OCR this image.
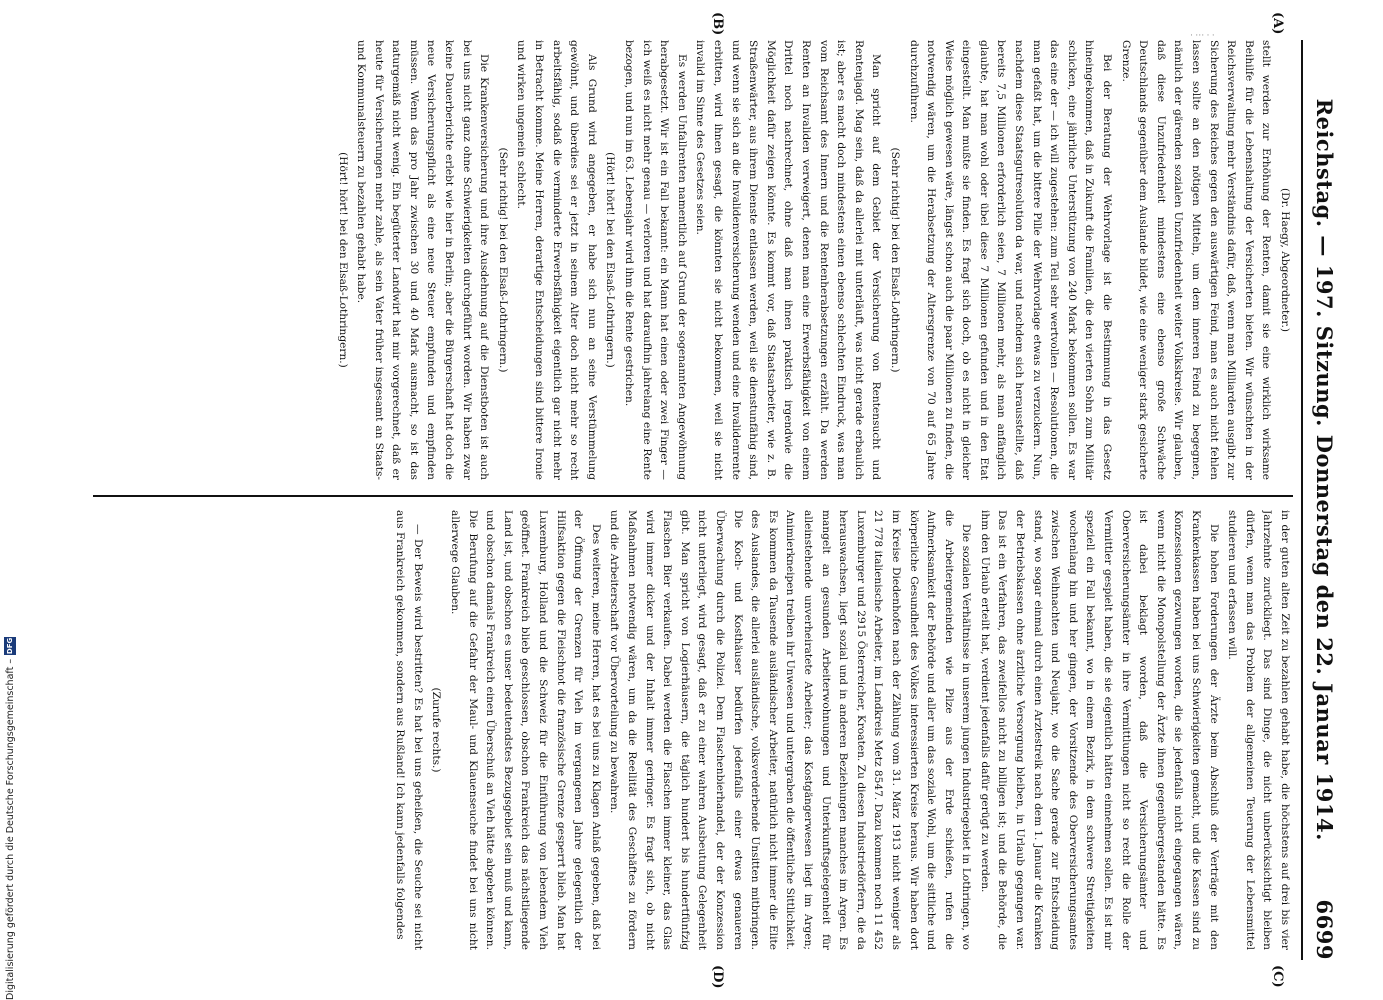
· ··· · ·
Reichstag. — 197. Sitzung. Donnerstag den 22. Januar 1914.
6699
(A)
(B)
(C)
(D)

(Dr. Haegy, Abgeordneter.)

stellt werden zur Erhöhung der Renten, damit sie eine wirklich wirksame Beihilfe für die Lebenshaltung der Versicherten bieten. Wir wünschten in der Reichsverwaltung mehr Verständnis dafür, daß, wenn man Milliarden ausgibt zur Sicherung des Reiches gegen den auswärtigen Feind, man es auch nicht fehlen lassen sollte an den nötigen Mitteln, um dem inneren Feind zu begegnen, nämlich der gärenden sozialen Unzufriedenheit weiter Volkskreise. Wir glauben, daß diese Unzufriedenheit mindestens eine ebenso große Schwäche Deutschlands gegenüber dem Auslande bildet, wie eine weniger stark gesicherte Grenze.

Bei der Beratung der Wehrvorlage ist die Bestimmung in das Gesetz hineingekommen, daß in Zukunft die Familien, die den vierten Sohn zum Militär schicken, eine jährliche Unterstützung von 240 Mark bekommen sollen. Es war das eine der — ich will zugestehen: zum Teil sehr wertvollen — Resolutionen, die man gefaßt hat, um die bittere Pille der Wehrvorlage etwas zu verzuckern. Nun, nachdem diese Staatsgutresolution da war, und nachdem sich herausstellte, daß bereits 7,5 Millionen erforderlich seien, 7 Millionen mehr, als man anfänglich glaubte, hat man wohl oder übel diese 7 Millionen gefunden und in den Etat eingestellt. Man mußte sie finden. Es fragt sich doch, ob es nicht in gleicher Weise möglich gewesen wäre, längst schon auch die paar Millionen zu finden, die notwendig wären, um die Herabsetzung der Altersgrenze von 70 auf 65 Jahre durchzuführen.

(Sehr richtig! bei den Elsaß-Lothringern.)

Man spricht auf dem Gebiet der Versicherung von Rentensucht und Rentenjagd. Mag sein, daß da allerlei mit unterläuft, was nicht gerade erbaulich ist; aber es macht doch mindestens einen ebenso schlechten Eindruck, was man vom Reichsamt des Innern und die Rentenherabsetzungen erzählt. Da werden Renten an Invaliden verweigert, denen man eine Erwerbsfähigkeit von einem Drittel noch nachrechnet, ohne daß man ihnen praktisch irgendwie die Möglichkeit dafür zeigen könnte. Es kommt vor, daß Staatsarbeiter, wie z. B. Straßenwärter, aus ihrem Dienste entlassen werden, weil sie dienstunfähig sind, und wenn sie sich an die Invalidenversicherung wenden und eine Invalidenrente erbitten, wird ihnen gesagt, die könnten sie nicht bekommen, weil sie nicht invalid im Sinne des Gesetzes seien.

Es werden Unfallrenten namentlich auf Grund der sogenannten Angewöhnung herabgesetzt. Wir ist ein Fall bekannt: ein Mann hat einen oder zwei Finger — ich weiß es nicht mehr genau — verloren und hat daraufhin jahrelang eine Rente bezogen, und nun im 63. Lebensjahr wird ihm die Rente gestrichen.

(Hört! hört! bei den Elsaß-Lothringern.)

Als Grund wird angegeben, er habe sich nun an seine Verstümmelung gewöhnt, und überdies sei er jetzt in seinem Alter doch nicht mehr so recht arbeitsfähig, sodaß die verminderte Erwerbsfähigkeit eigentlich gar nicht mehr in Betracht komme. Meine Herren, derartige Entscheidungen sind bittere Ironie und wirken ungemein schlecht.

(Sehr richtig! bei den Elsaß-Lothringern.)

Die Krankenversicherung und ihre Ausdehnung auf die Dienstboten ist auch bei uns nicht ganz ohne Schwierigkeiten durchgeführt worden. Wir haben zwar keine Dauerberichte erlebt wie hier in Berlin; aber die Bürgerschaft hat doch die neue Versicherungspflicht als eine neue Steuer empfunden und empfinden müssen. Wenn das pro Jahr zwischen 30 und 40 Mark ausmacht, so ist das naturgemäß nicht wenig. Ein begüterter Landwirt hat mir vorgerechnet, daß er heute für Versicherungen mehr zahle, als sein Vater früher insgesamt an Staats- und Kommunalsteuern zu bezahlen gehabt habe.

(Hört! hört! bei den Elsaß-Lothringern.)

in der guten alten Zeit zu bezahlen gehabt habe, die höchstens auf drei bis vier Jahrzehnte zurückliegt. Das sind Dinge, die nicht unberücksichtigt bleiben dürfen, wenn man das Problem der allgemeinen Teuerung der Lebensmittel studieren und erfassen will.

Die hohen Forderungen der Ärzte beim Abschluß der Verträge mit den Krankenkassen haben bei uns Schwierigkeiten gemacht, und die Kassen sind zu Konzessionen gezwungen worden, die sie jedenfalls nicht eingegangen wären, wenn nicht die Monopolstellung der Ärzte ihnen gegenübergestanden hätte. Es ist dabei beklagt worden, daß die Versicherungsämter und Oberversicherungsämter in ihre Vermittlungen nicht so recht die Rolle der Vermittler gespielt haben, die sie eigentlich hätten einnehmen sollen. Es ist mir speziell ein Fall bekannt, wo in einem Bezirk, in dem schwere Streitigkeiten wochenlang hin und her gingen, der Vorsitzende des Oberversicherungsamtes zwischen Weihnachten und Neujahr, wo die Sache gerade zur Entscheidung stand, wo sogar einmal durch einen Arztestreik nach dem 1. Januar die Kranken der Betriebskassen ohne ärztliche Versorgung bleiben, in Urlaub gegangen war. Das ist ein Verfahren, das zweifellos nicht zu billigen ist; und die Behörde, die ihm den Urlaub erteilt hat, verdient jedenfalls dafür gerügt zu werden.

Die sozialen Verhältnisse in unserem jungen Industriegebiet in Lothringen, wo die Arbeitergemeinden wie Pilze aus der Erde schießen, rufen die Aufmerksamkeit der Behörde und aller um das soziale Wohl, um die sittliche und körperliche Gesundheit des Volkes interessierten Kreise heraus. Wir haben dort im Kreise Diedenhofen nach der Zählung vom 31. März 1913 nicht weniger als 21 778 italienische Arbeiter, im Landkreis Metz 8547. Dazu kommen noch 11 452 Luxemburger und 2915 Österreicher, Kroaten. Zu diesen Industriedörfern, die da herauswachsen, liegt sozial und in anderen Beziehungen manches im Argen. Es mangelt an gesunden Arbeiterwohnungen und Unterkunftsgelegenheit für alleinstehende unverheiratete Arbeiter; das Kostgängerwesen liegt im Argen; Animierkneipen treiben ihr Unwesen und untergraben die öffentliche Sittlichkeit. Es kommen da Tausende ausländischer Arbeiter, natürlich nicht immer die Elite des Auslandes, die allerlei ausländische, volksverderbende Unsitten mitbringen. Die Koch- und Kosthäuser bedürfen jedenfalls einer etwas genaueren Überwachung durch die Polizei. Dem Flaschenbierhandel, der der Konzession nicht unterliegt, wird gesagt, daß er zu einer wahren Ausbeutung Gelegenheit gibt. Man spricht von Logierhäusern, die täglich hundert bis hundertfünfzig Flaschen Bier verkaufen. Dabei werden die Flaschen immer kleiner, das Glas wird immer dicker und der Inhalt immer geringer. Es fragt sich, ob nicht Maßnahmen notwendig wären, um da die Reellität des Geschäftes zu fördern und die Arbeiterschaft vor Übervorteilung zu bewahren.

Des weiteren, meine Herren, hat es bei uns zu Klagen Anlaß gegeben, daß bei der Öffnung der Grenzen für Vieh im vergangenen Jahre gelegentlich der Hilfsaktion gegen die Fleischnot die französische Grenze gesperrt blieb. Man hat Luxemburg, Holland und die Schweiz für die Einführung von lebendem Vieh geöffnet. Frankreich blieb geschlossen, obschon Frankreich das nächstliegende Land ist, und obschon es unser bedeutendstes Bezugsgebiet sein muß und kann, und obschon damals Frankreich einen Überschuß an Vieh hätte abgeben können. Die Berufung auf die Gefahr der Maul- und Klauenseuche findet bei uns nicht allerwege Glauben.

(Zurufe rechts.)

— Der Beweis wird bestritten? Es hat bei uns geheißen, die Seuche sei nicht aus Frankreich gekommen, sondern aus Rußland! Ich kann jedenfalls folgendes

Digitalisierung gefördert durch die Deutsche Forschungsgemeinschaft –
DFG
